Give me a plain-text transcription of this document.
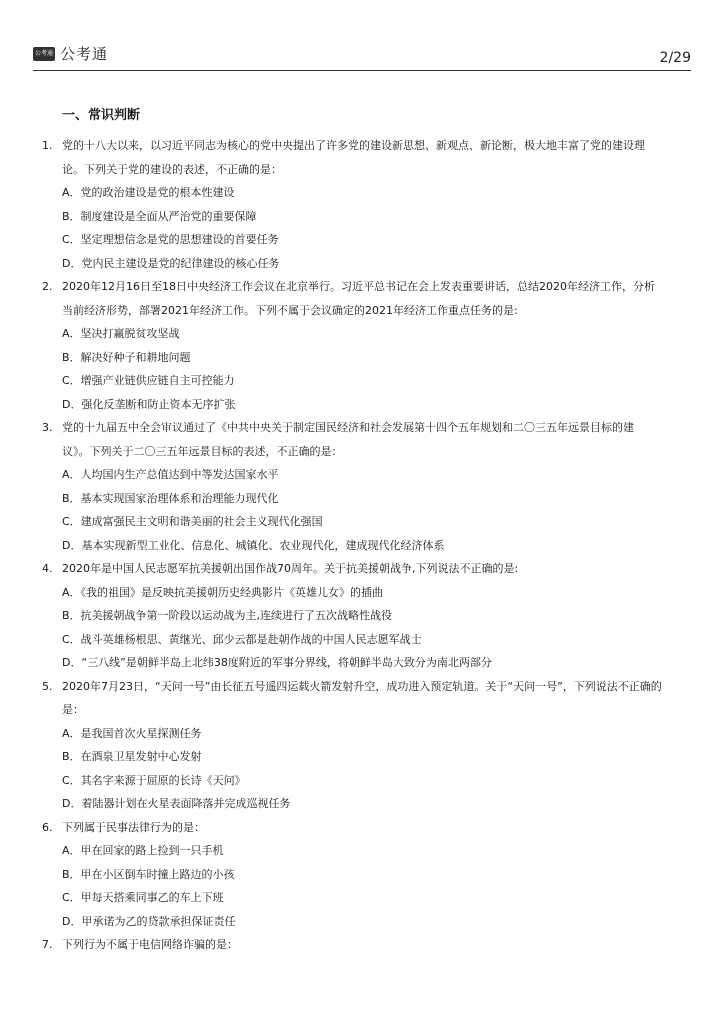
公考通 公考通	2/29
一、常识判断
1. 党的十八大以来，以习近平同志为核心的党中央提出了许多党的建设新思想、新观点、新论断，极大地丰富了党的建设理
论。下列关于党的建设的表述，不正确的是：
A．党的政治建设是党的根本性建设
B．制度建设是全面从严治党的重要保障
C．坚定理想信念是党的思想建设的首要任务
D．党内民主建设是党的纪律建设的核心任务
2. 2020年12月16日至18日中央经济工作会议在北京举行。习近平总书记在会上发表重要讲话，总结2020年经济工作，分析
当前经济形势，部署2021年经济工作。下列不属于会议确定的2021年经济工作重点任务的是:
A．坚决打赢脱贫攻坚战
B．解决好种子和耕地问题
C．增强产业链供应链自主可控能力
D．强化反垄断和防止资本无序扩张
3. 党的十九届五中全会审议通过了《中共中央关于制定国民经济和社会发展第十四个五年规划和二〇三五年远景目标的建
议》。下列关于二〇三五年远景目标的表述，不正确的是：
A．人均国内生产总值达到中等发达国家水平
B．基本实现国家治理体系和治理能力现代化
C．建成富强民主文明和谐美丽的社会主义现代化强国
D．基本实现新型工业化、信息化、城镇化、农业现代化，建成现代化经济体系
4. 2020年是中国人民志愿军抗美援朝出国作战70周年。关于抗美援朝战争,下列说法不正确的是:
A．《我的祖国》是反映抗美援朝历史经典影片《英雄儿女》的插曲
B．抗美援朝战争第一阶段以运动战为主,连续进行了五次战略性战役
C．战斗英雄杨根思、黄继光、邱少云都是赴朝作战的中国人民志愿军战士
D．“三八线”是朝鲜半岛上北纬38度附近的军事分界线，将朝鲜半岛大致分为南北两部分
5. 2020年7月23日，“天问一号”由长征五号遥四运载火箭发射升空，成功进入预定轨道。关于“天问一号”，下列说法不正确的
是：
A．是我国首次火星探测任务
B．在酒泉卫星发射中心发射
C．其名字来源于屈原的长诗《天问》
D．着陆器计划在火星表面降落并完成巡视任务
6. 下列属于民事法律行为的是：
A．甲在回家的路上捡到一只手机
B．甲在小区倒车时撞上路边的小孩
C．甲每天搭乘同事乙的车上下班
D．甲承诺为乙的贷款承担保证责任
7. 下列行为不属于电信网络诈骗的是：
